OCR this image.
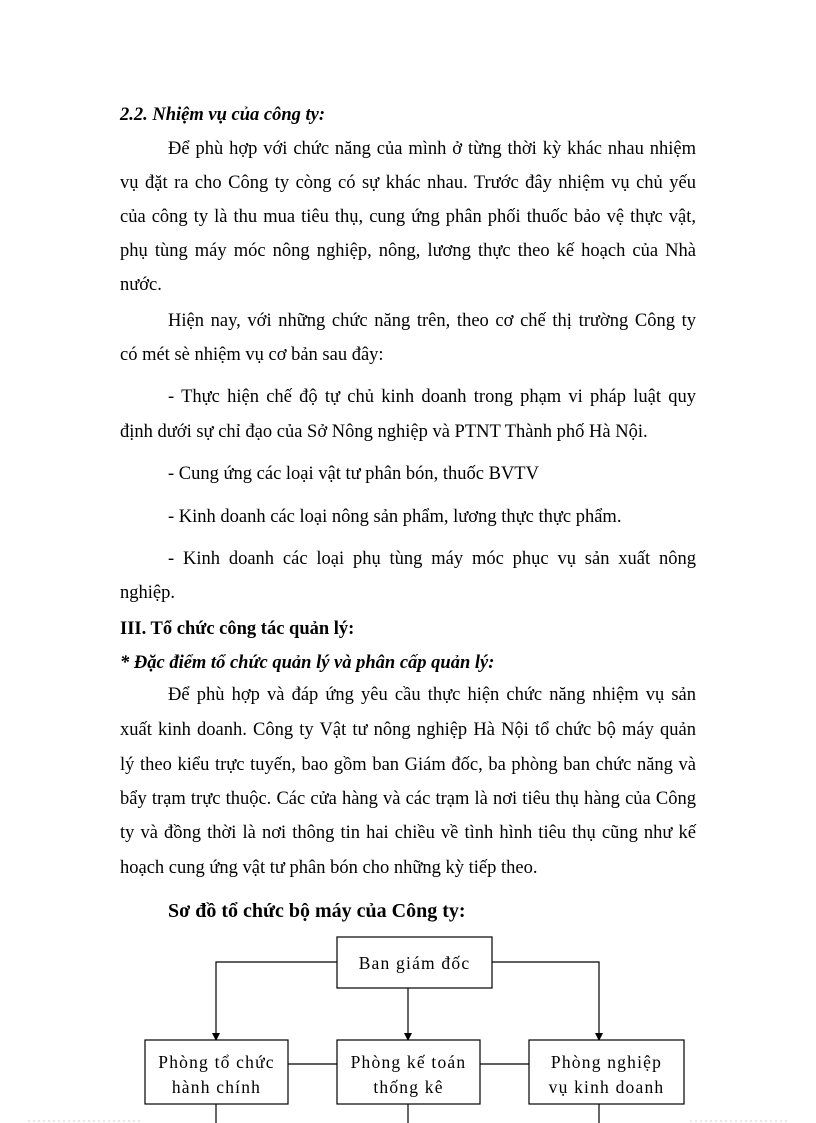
2.2. Nhiệm vụ của công ty:
Để phù hợp với chức năng của mình ở từng thời kỳ khác nhau nhiệm
vụ đặt ra cho Công ty còng có sự khác nhau. Trước đây nhiệm vụ chủ yếu
của công ty là thu mua tiêu thụ, cung ứng phân phối thuốc bảo vệ thực vật,
phụ tùng máy móc nông nghiệp, nông, lương thực theo kế hoạch của Nhà
nước.
Hiện nay, với những chức năng trên, theo cơ chế thị trường Công ty
có mét sè nhiệm vụ cơ bản sau đây:
- Thực hiện chế độ tự chủ kinh doanh trong phạm vi pháp luật quy
định dưới sự chỉ đạo của Sở Nông nghiệp và PTNT Thành phố Hà Nội.
- Cung ứng các loại vật tư phân bón, thuốc BVTV
- Kinh doanh các loại nông sản phẩm, lương thực thực phẩm.
- Kinh doanh các loại phụ tùng máy móc phục vụ sản xuất nông
nghiệp.
III. Tổ chức công tác quản lý:
* Đặc điểm tổ chức quản lý và phân cấp quản lý:
Để phù hợp và đáp ứng yêu cầu thực hiện chức năng nhiệm vụ sản
xuất kinh doanh. Công ty Vật tư nông nghiệp Hà Nội tổ chức bộ máy quản
lý theo kiểu trực tuyến, bao gồm ban Giám đốc, ba phòng ban chức năng và
bẩy trạm trực thuộc. Các cửa hàng và các trạm là nơi tiêu thụ hàng của Công
ty và đồng thời là nơi thông tin hai chiều về tình hình tiêu thụ cũng như kế
hoạch cung ứng vật tư phân bón cho những kỳ tiếp theo.
Sơ đồ tổ chức bộ máy của Công ty:
Ban giám đốc
Phòng tổ chức
hành chính
Phòng kế toán
thống kê
Phòng nghiệp
vụ kinh doanh
